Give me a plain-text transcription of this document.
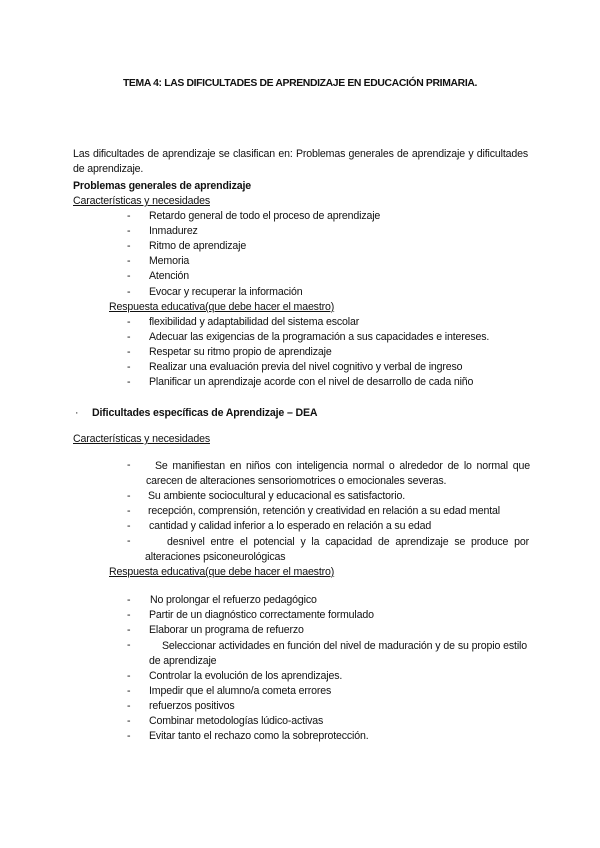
TEMA 4: LAS DIFICULTADES DE APRENDIZAJE EN EDUCACIÓN PRIMARIA.
Las dificultades de aprendizaje se clasifican en: Problemas generales de aprendizaje y dificultades de aprendizaje.
Problemas generales de aprendizaje
Características y necesidades
- Retardo general de todo el proceso de aprendizaje
- Inmadurez
- Ritmo de aprendizaje
- Memoria
- Atención
- Evocar y recuperar la información
Respuesta educativa(que debe hacer el maestro)
- flexibilidad y adaptabilidad del sistema escolar
- Adecuar las exigencias de la programación a sus capacidades e intereses.
- Respetar su ritmo propio de aprendizaje
- Realizar una evaluación previa del nivel cognitivo y verbal de ingreso
- Planificar un aprendizaje acorde con el nivel de desarrollo de cada niño
· Dificultades específicas de Aprendizaje – DEA
Características y necesidades
-	Se manifiestan en niños con inteligencia normal o alrededor de lo normal que carecen de alteraciones sensoriomotrices o emocionales severas.
- Su ambiente sociocultural y educacional es satisfactorio.
- recepción, comprensión, retención y creatividad en relación a su edad mental
- cantidad y calidad inferior a lo esperado en relación a su edad
-	desnivel entre el potencial y la capacidad de aprendizaje se produce por alteraciones psiconeurológicas
Respuesta educativa(que debe hacer el maestro)
- No prolongar el refuerzo pedagógico
- Partir de un diagnóstico correctamente formulado
- Elaborar un programa de refuerzo
-	Seleccionar actividades en función del nivel de maduración y de su propio estilo de aprendizaje
- Controlar la evolución de los aprendizajes.
- Impedir que el alumno/a cometa errores
- refuerzos positivos
- Combinar metodologías lúdico-activas
- Evitar tanto el rechazo como la sobreprotección.
